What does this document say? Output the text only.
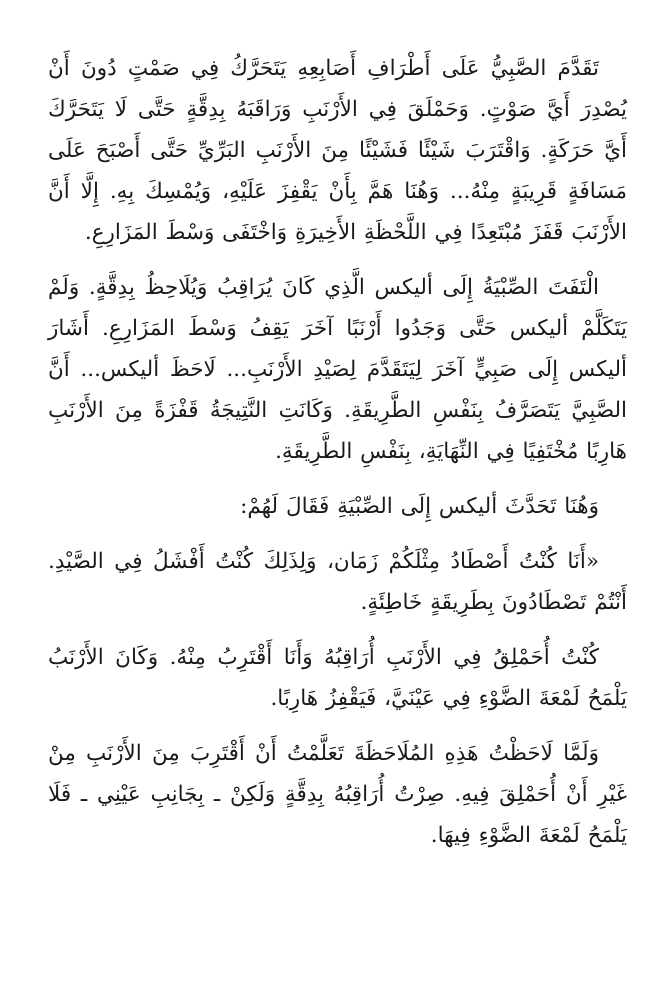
تَقَدَّمَ الصَّبِيُّ عَلَى أَطْرَافِ أَصَابِعِهِ يَتَحَرَّكُ فِي صَمْتٍ دُونَ أَنْ يُصْدِرَ أَيَّ صَوْتٍ. وَحَمْلَقَ فِي الأَرْنَبِ وَرَاقَبَهُ بِدِقَّةٍ حَتَّى لَا يَتَحَرَّكَ أَيَّ حَرَكَةٍ. وَاقْتَرَبَ شَيْئًا فَشَيْئًا مِنَ الأَرْنَبِ البَرِّيِّ حَتَّى أَصْبَحَ عَلَى مَسَافَةٍ قَرِيبَةٍ مِنْهُ... وَهُنَا هَمَّ بِأَنْ يَقْفِزَ عَلَيْهِ، وَيُمْسِكَ بِهِ. إِلَّا أَنَّ الأَرْنَبَ قَفَزَ مُبْتَعِدًا فِي اللَّحْظَةِ الأَخِيرَةِ وَاخْتَفَى وَسْطَ المَزَارِعِ.

الْتَفَتَ الصِّبْيَةُ إِلَى أليكس الَّذِي كَانَ يُرَاقِبُ وَيُلَاحِظُ بِدِقَّةٍ. وَلَمْ يَتَكَلَّمْ أليكس حَتَّى وَجَدُوا أَرْنَبًا آخَرَ يَقِفُ وَسْطَ المَزَارِعِ. أَشَارَ أليكس إِلَى صَبِيٍّ آخَرَ لِيَتَقَدَّمَ لِصَيْدِ الأَرْنَبِ... لَاحَظَ أليكس... أَنَّ الصَّبِيَّ يَتَصَرَّفُ بِنَفْسِ الطَّرِيقَةِ. وَكَانَتِ النَّتِيجَةُ قَفْزَةً مِنَ الأَرْنَبِ هَارِبًا مُخْتَفِيًا فِي النِّهَايَةِ، بِنَفْسِ الطَّرِيقَةِ.

وَهُنَا تَحَدَّثَ أليكس إِلَى الصِّبْيَةِ فَقَالَ لَهُمْ:

«أَنَا كُنْتُ أَصْطَادُ مِثْلَكُمْ زَمَان، وَلِذَلِكَ كُنْتُ أَفْشَلُ فِي الصَّيْدِ. أَنْتُمْ تَصْطَادُونَ بِطَرِيقَةٍ خَاطِئَةٍ.

كُنْتُ أُحَمْلِقُ فِي الأَرْنَبِ أُرَاقِبُهُ وَأَنَا أَقْتَرِبُ مِنْهُ. وَكَانَ الأَرْنَبُ يَلْمَحُ لَمْعَةَ الضَّوْءِ فِي عَيْنَيَّ، فَيَقْفِزُ هَارِبًا.

وَلَمَّا لَاحَظْتُ هَذِهِ المُلَاحَظَةَ تَعَلَّمْتُ أَنْ أَقْتَرِبَ مِنَ الأَرْنَبِ مِنْ غَيْرِ أَنْ أُحَمْلِقَ فِيهِ. صِرْتُ أُرَاقِبُهُ بِدِقَّةٍ وَلَكِنْ ـ بِجَانِبِ عَيْنِي ـ فَلَا يَلْمَحُ لَمْعَةَ الضَّوْءِ فِيهَا.
